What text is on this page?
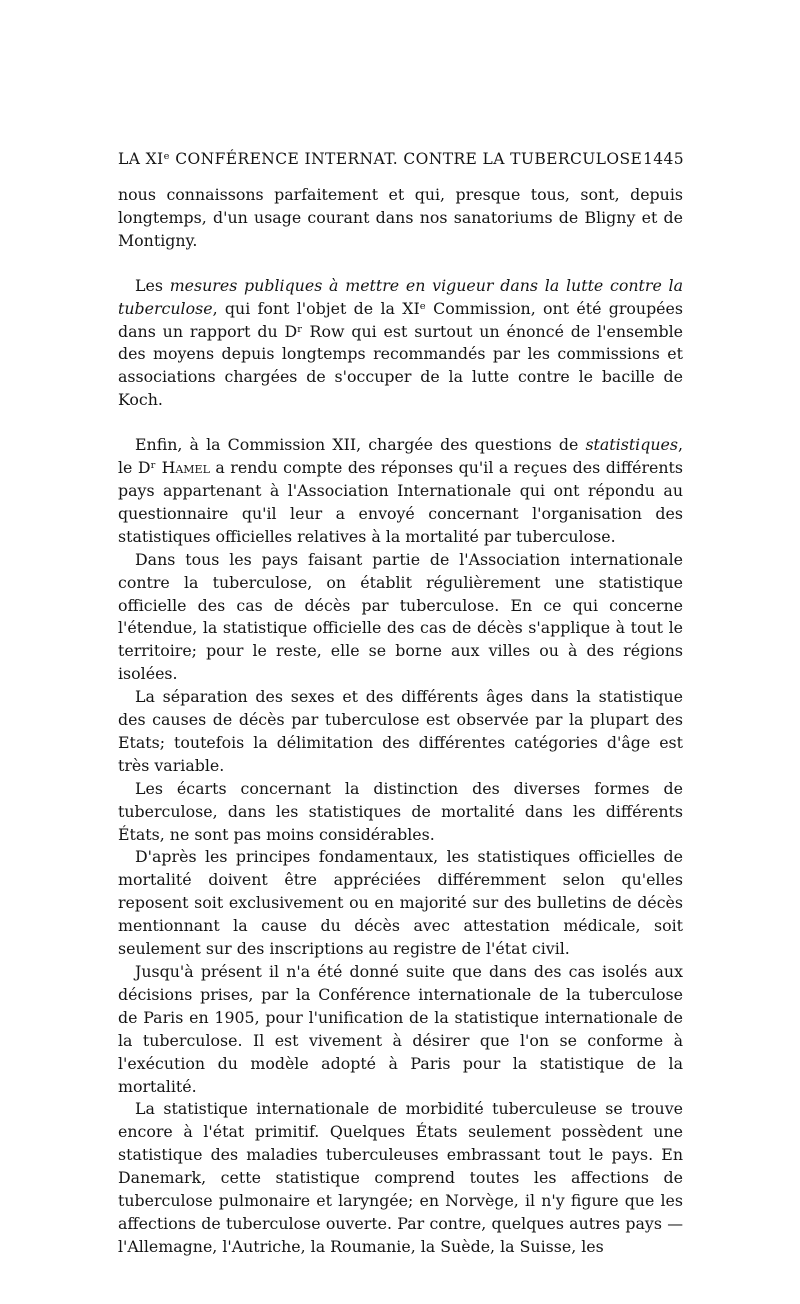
LA XIᵉ CONFÉRENCE INTERNAT. CONTRE LA TUBERCULOSE 1445

nous connaissons parfaitement et qui, presque tous, sont, depuis longtemps, d'un usage courant dans nos sanatoriums de Bligny et de Montigny.

Les mesures publiques à mettre en vigueur dans la lutte contre la tuberculose, qui font l'objet de la XIᵉ Commission, ont été groupées dans un rapport du Dʳ Row qui est surtout un énoncé de l'ensemble des moyens depuis longtemps recommandés par les commissions et associations chargées de s'occuper de la lutte contre le bacille de Koch.

Enfin, à la Commission XII, chargée des questions de statistiques, le Dʳ Hamel a rendu compte des réponses qu'il a reçues des différents pays appartenant à l'Association Internationale qui ont répondu au questionnaire qu'il leur a envoyé concernant l'organisation des statistiques officielles relatives à la mortalité par tuberculose.

Dans tous les pays faisant partie de l'Association internationale contre la tuberculose, on établit régulièrement une statistique officielle des cas de décès par tuberculose. En ce qui concerne l'étendue, la statistique officielle des cas de décès s'applique à tout le territoire; pour le reste, elle se borne aux villes ou à des régions isolées.

La séparation des sexes et des différents âges dans la statistique des causes de décès par tuberculose est observée par la plupart des Etats; toutefois la délimitation des différentes catégories d'âge est très variable.

Les écarts concernant la distinction des diverses formes de tuberculose, dans les statistiques de mortalité dans les différents États, ne sont pas moins considérables.

D'après les principes fondamentaux, les statistiques officielles de mortalité doivent être appréciées différemment selon qu'elles reposent soit exclusivement ou en majorité sur des bulletins de décès mentionnant la cause du décès avec attestation médicale, soit seulement sur des inscriptions au registre de l'état civil.

Jusqu'à présent il n'a été donné suite que dans des cas isolés aux décisions prises, par la Conférence internationale de la tuberculose de Paris en 1905, pour l'unification de la statistique internationale de la tuberculose. Il est vivement à désirer que l'on se conforme à l'exécution du modèle adopté à Paris pour la statistique de la mortalité.

La statistique internationale de morbidité tuberculeuse se trouve encore à l'état primitif. Quelques États seulement possèdent une statistique des maladies tuberculeuses embrassant tout le pays. En Danemark, cette statistique comprend toutes les affections de tuberculose pulmonaire et laryngée; en Norvège, il n'y figure que les affections de tuberculose ouverte. Par contre, quelques autres pays — l'Allemagne, l'Autriche, la Roumanie, la Suède, la Suisse, les
